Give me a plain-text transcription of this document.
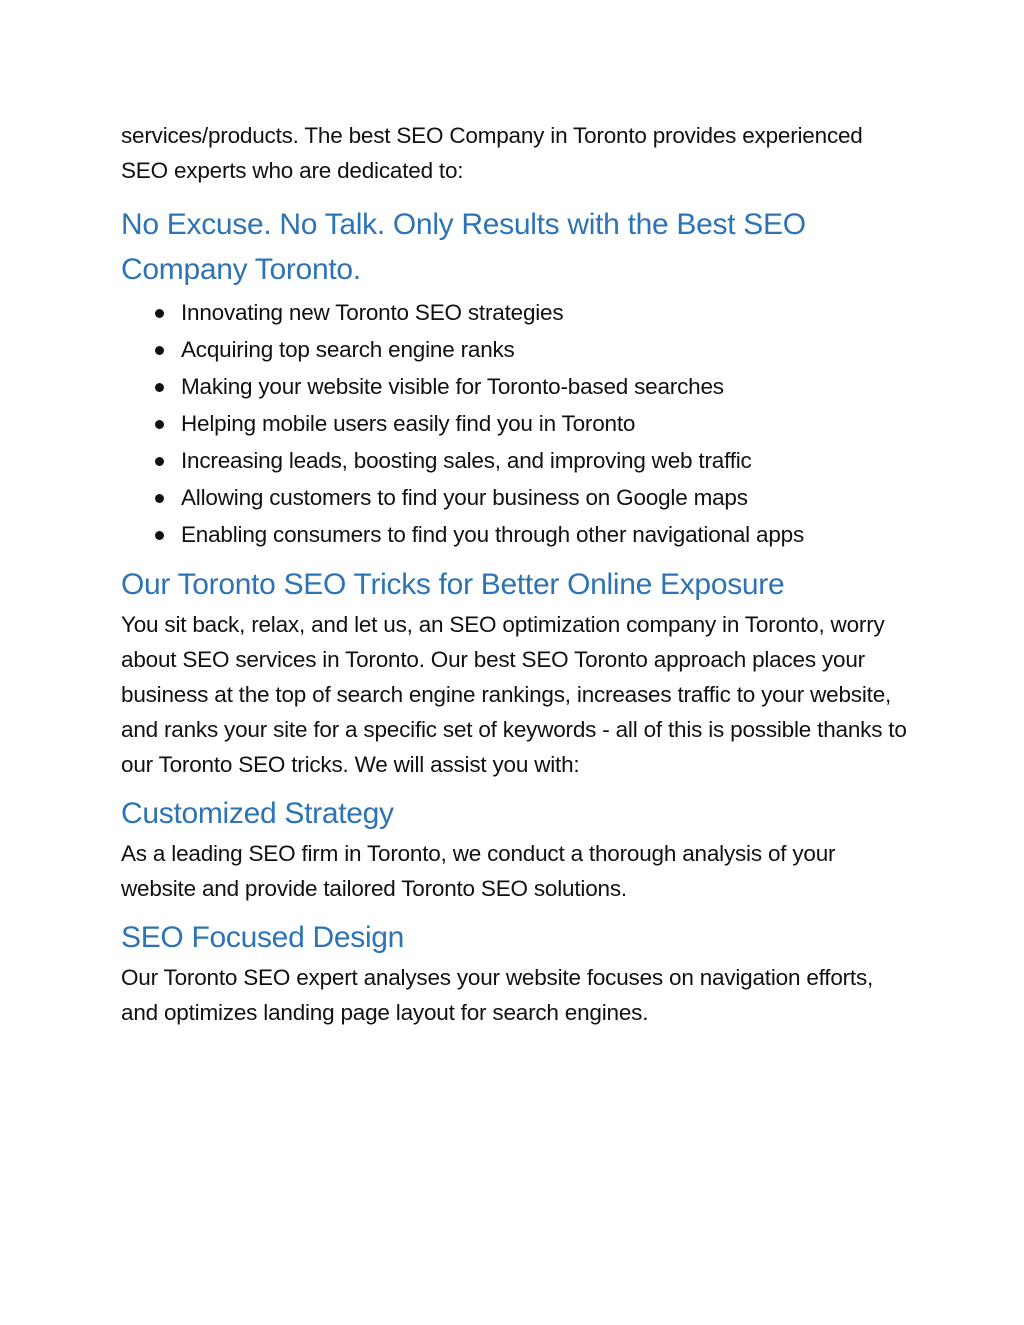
services/products. The best SEO Company in Toronto provides experienced SEO experts who are dedicated to:

No Excuse. No Talk. Only Results with the Best SEO Company Toronto.
Innovating new Toronto SEO strategies
Acquiring top search engine ranks
Making your website visible for Toronto-based searches
Helping mobile users easily find you in Toronto
Increasing leads, boosting sales, and improving web traffic
Allowing customers to find your business on Google maps
Enabling consumers to find you through other navigational apps
Our Toronto SEO Tricks for Better Online Exposure

You sit back, relax, and let us, an SEO optimization company in Toronto, worry about SEO services in Toronto. Our best SEO Toronto approach places your business at the top of search engine rankings, increases traffic to your website, and ranks your site for a specific set of keywords - all of this is possible thanks to our Toronto SEO tricks. We will assist you with:

Customized Strategy

As a leading SEO firm in Toronto, we conduct a thorough analysis of your website and provide tailored Toronto SEO solutions.

SEO Focused Design

Our Toronto SEO expert analyses your website focuses on navigation efforts, and optimizes landing page layout for search engines.
